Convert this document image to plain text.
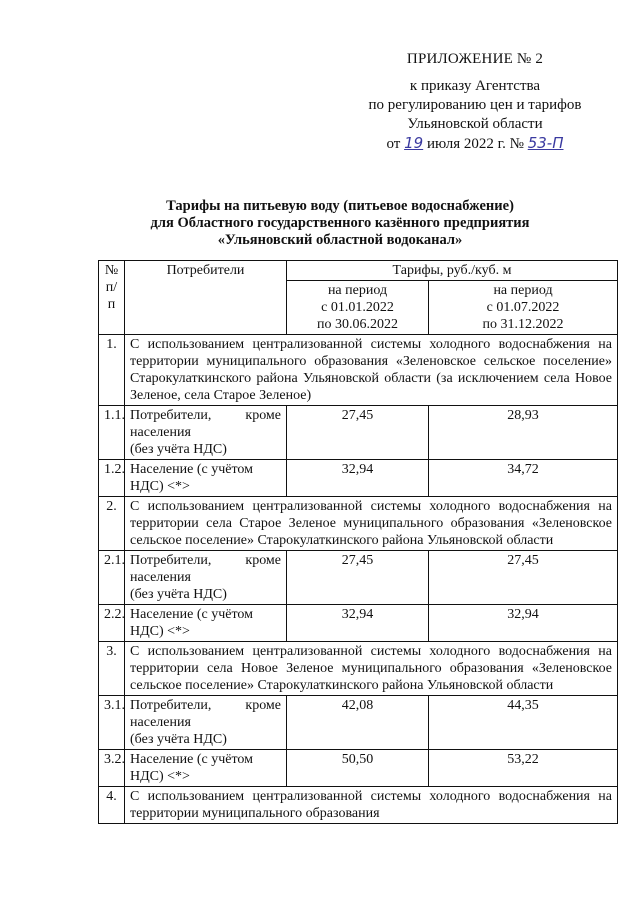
ПРИЛОЖЕНИЕ № 2
к приказу Агентства
по регулированию цен и тарифов
Ульяновской области
от 19 июля 2022 г. № 53-П
Тарифы на питьевую воду (питьевое водоснабжение)
для Областного государственного казённого предприятия
«Ульяновский областной водоканал»
№
п/п	Потребители	Тарифы, руб./куб. м	
		на период
с 01.01.2022
по 30.06.2022	на период
с 01.07.2022
по 31.12.2022
1.	С использованием централизованной системы холодного водоснабжения на территории муниципального образования «Зеленовское сельское поселение» Старокулаткинского района Ульяновской области (за исключением села Новое Зеленое, села Старое Зеленое)		
1.1.	Потребители, кроме
населения
(без учёта НДС)	27,45	28,93
1.2.	Население (с учётом
НДС) <*>	32,94	34,72
2.	С использованием централизованной системы холодного водоснабжения на территории села Старое Зеленое муниципального образования «Зеленовское сельское поселение» Старокулаткинского района Ульяновской области		
2.1.	Потребители, кроме
населения
(без учёта НДС)	27,45	27,45
2.2.	Население (с учётом
НДС) <*>	32,94	32,94
3.	С использованием централизованной системы холодного водоснабжения на территории села Новое Зеленое муниципального образования «Зеленовское сельское поселение» Старокулаткинского района Ульяновской области		
3.1.	Потребители, кроме
населения
(без учёта НДС)	42,08	44,35
3.2.	Население (с учётом
НДС) <*>	50,50	53,22
4.	С использованием централизованной системы холодного водоснабжения на территории муниципального образования		
